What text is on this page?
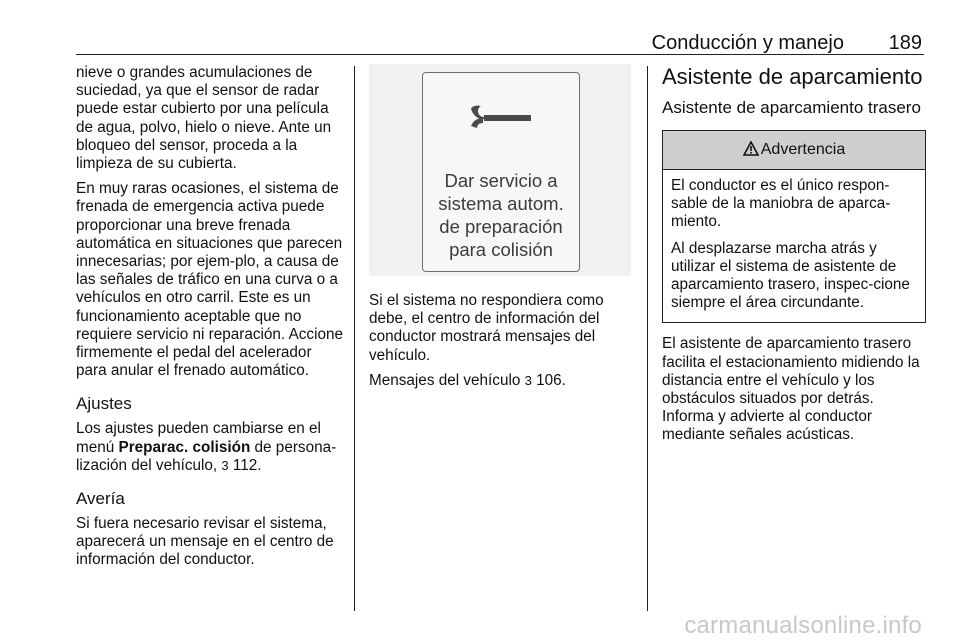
Conducción y manejo 189

nieve o grandes acumulaciones de suciedad, ya que el sensor de radar puede estar cubierto por una película de agua, polvo, hielo o nieve. Ante un bloqueo del sensor, proceda a la limpieza de su cubierta.

En muy raras ocasiones, el sistema de frenada de emergencia activa puede proporcionar una breve frenada automática en situaciones que parecen innecesarias; por ejem-plo, a causa de las señales de tráfico en una curva o a vehículos en otro carril. Este es un funcionamiento aceptable que no requiere servicio ni reparación. Accione firmemente el pedal del acelerador para anular el frenado automático.

Ajustes

Los ajustes pueden cambiarse en el menú Preparac. colisión de persona-lización del vehículo, 3 112.

Avería

Si fuera necesario revisar el sistema, aparecerá un mensaje en el centro de información del conductor.

Dar servicio a
sistema autom.
de preparación
para colisión

Si el sistema no respondiera como debe, el centro de información del conductor mostrará mensajes del vehículo.

Mensajes del vehículo 3 106.

Asistente de aparcamiento
Asistente de aparcamiento trasero
Advertencia

El conductor es el único respon-sable de la maniobra de aparca-miento.

Al desplazarse marcha atrás y utilizar el sistema de asistente de aparcamiento trasero, inspec-cione siempre el área circundante.

El asistente de aparcamiento trasero facilita el estacionamiento midiendo la distancia entre el vehículo y los obstáculos situados por detrás. Informa y advierte al conductor mediante señales acústicas.

carmanualsonline.info
